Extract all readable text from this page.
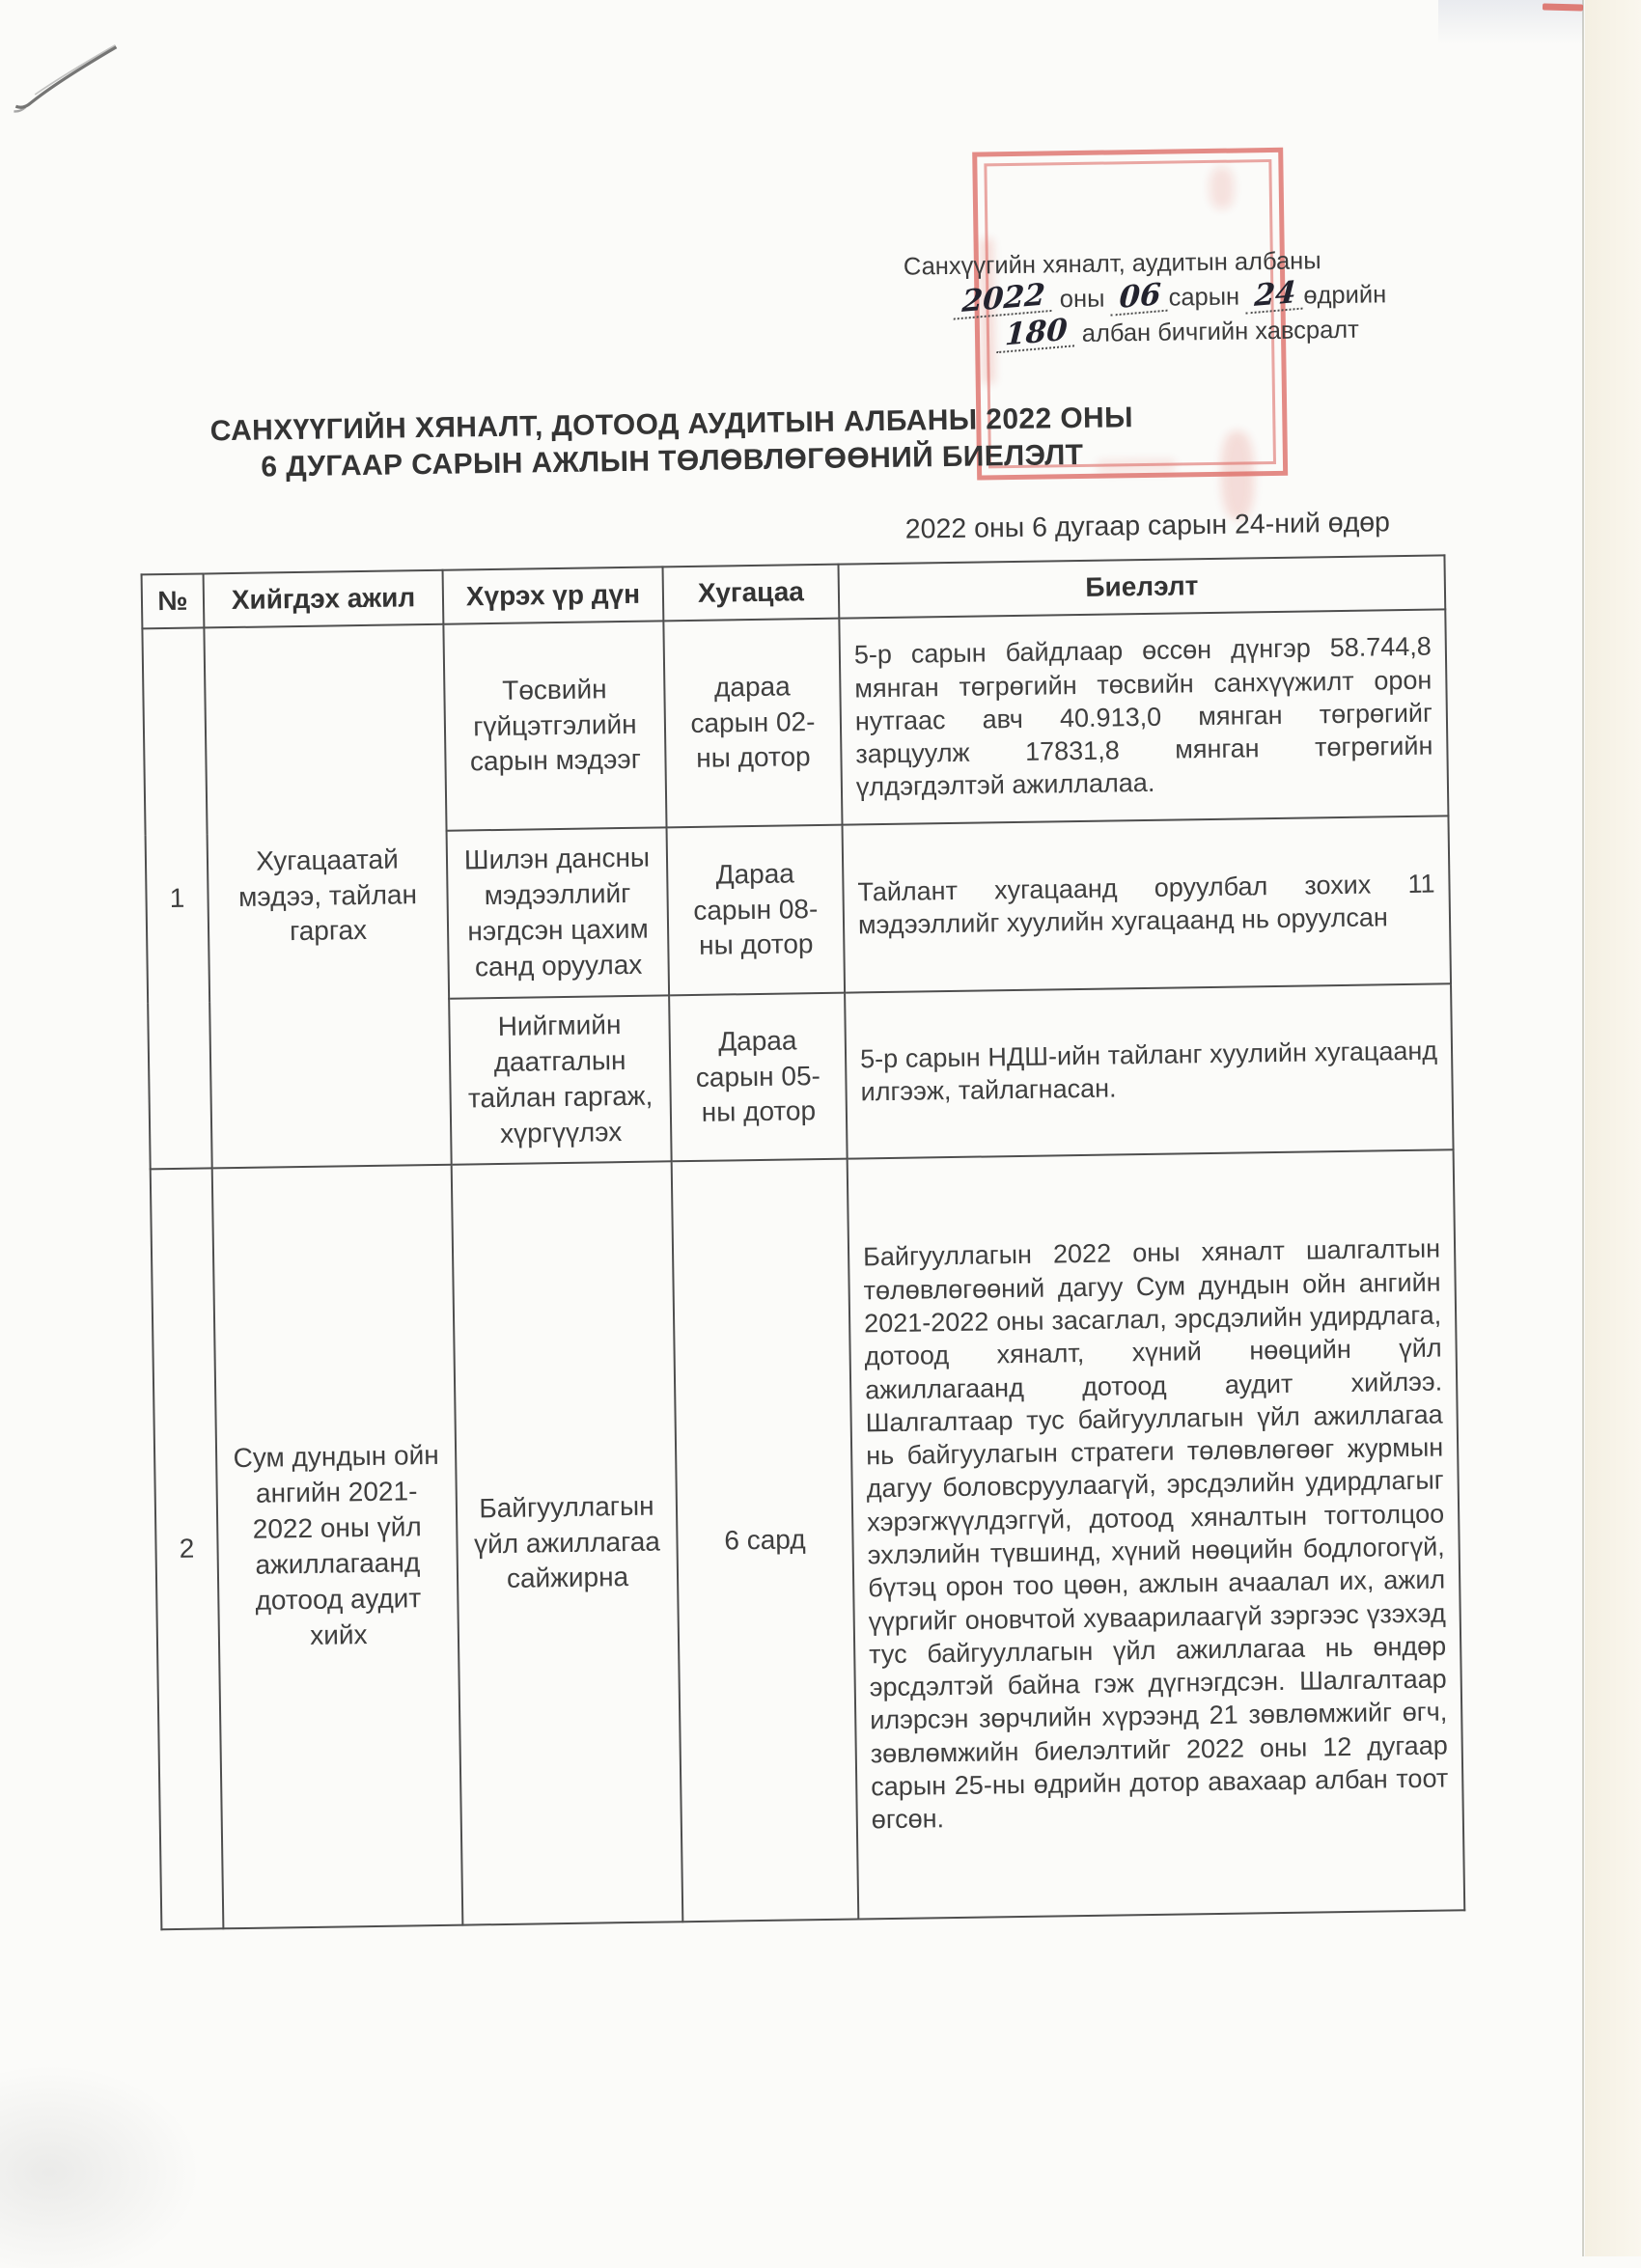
Санхүүгийн хяналт, аудитын албаны
2022 оны 06 сарын 24 өдрийн
180 албан бичгийн хавсралт
САНХҮҮГИЙН ХЯНАЛТ, ДОТООД АУДИТЫН АЛБАНЫ 2022 ОНЫ
6 ДУГААР САРЫН АЖЛЫН ТӨЛӨВЛӨГӨӨНИЙ БИЕЛЭЛТ
2022 оны 6 дугаар сарын 24-ний өдөр
№	Хийгдэх ажил	Хүрэх үр дүн	Хугацаа	Биелэлт
1	Хугацаатай мэдээ, тайлан гаргах	Төсвийн гүйцэтгэлийн сарын мэдээг	дараа сарын 02-ны дотор	5-р сарын байдлаар өссөн дүнгэр 58.744,8 мянган төгрөгийн төсвийн санхүүжилт орон нутгаас авч 40.913,0 мянган төгрөгийг зарцуулж 17831,8 мянган төгрөгийн үлдэгдэлтэй ажиллалаа.
		Шилэн дансны мэдээллийг нэгдсэн цахим санд оруулах	Дараа сарын 08-ны дотор	Тайлант хугацаанд оруулбал зохих 11 мэдээллийг хуулийн хугацаанд нь оруулсан
		Нийгмийн даатгалын тайлан гаргаж, хүргүүлэх	Дараа сарын 05-ны дотор	5-р сарын НДШ-ийн тайланг хуулийн хугацаанд илгээж, тайлагнасан.
2	Сум дундын ойн ангийн 2021-2022 оны үйл ажиллагаанд дотоод аудит хийх	Байгууллагын үйл ажиллагаа сайжирна	6 сард	Байгууллагын 2022 оны хяналт шалгалтын төлөвлөгөөний дагуу Сум дундын ойн ангийн 2021-2022 оны засаглал, эрсдэлийн удирдлага, дотоод хяналт, хүний нөөцийн үйл ажиллагаанд дотоод аудит хийлээ. Шалгалтаар тус байгууллагын үйл ажиллагаа нь байгуулагын стратеги төлөвлөгөөг журмын дагуу боловсруулаагүй, эрсдэлийн удирдлагыг хэрэгжүүлдэггүй, дотоод хяналтын тогтолцоо эхлэлийн түвшинд, хүний нөөцийн бодлогогүй, бүтэц орон тоо цөөн, ажлын ачаалал их, ажил үүргийг оновчтой хуваарилаагүй зэргээс үзэхэд тус байгууллагын үйл ажиллагаа нь өндөр эрсдэлтэй байна гэж дүгнэгдсэн. Шалгалтаар илэрсэн зөрчлийн хүрээнд 21 зөвлөмжийг өгч, зөвлөмжийн биелэлтийг 2022 оны 12 дугаар сарын 25-ны өдрийн дотор авахаар албан тоот өгсөн.
